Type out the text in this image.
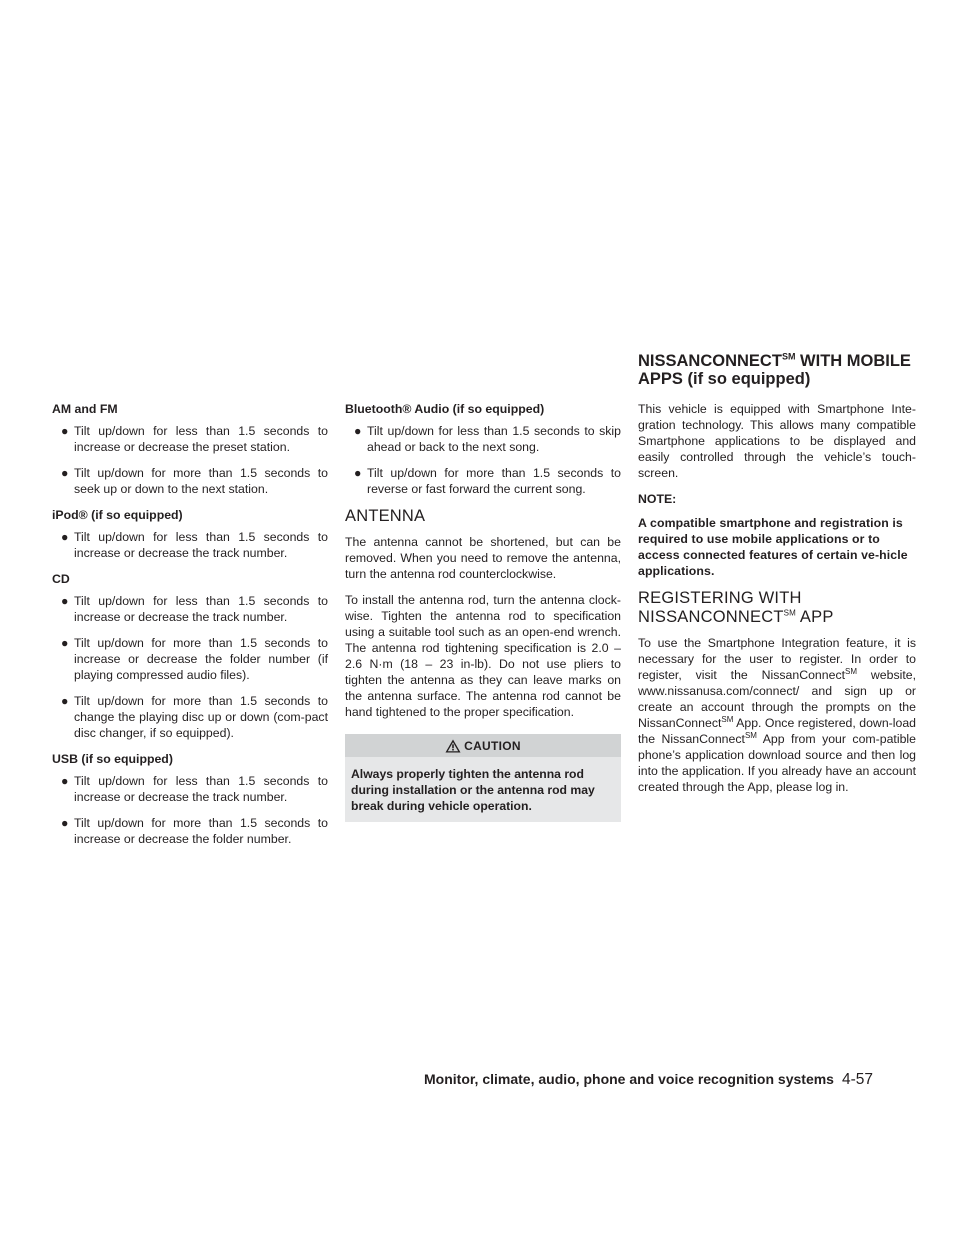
NISSANCONNECT℠ WITH MOBILE
APPS (if so equipped)
AM and FM
● Tilt up/down for less than 1.5 seconds to increase or decrease the preset station.
● Tilt up/down for more than 1.5 seconds to seek up or down to the next station.
iPod® (if so equipped)
● Tilt up/down for less than 1.5 seconds to increase or decrease the track number.
CD
● Tilt up/down for less than 1.5 seconds to increase or decrease the track number.
● Tilt up/down for more than 1.5 seconds to increase or decrease the folder number (if playing compressed audio files).
● Tilt up/down for more than 1.5 seconds to change the playing disc up or down (com-pact disc changer, if so equipped).
USB (if so equipped)
● Tilt up/down for less than 1.5 seconds to increase or decrease the track number.
● Tilt up/down for more than 1.5 seconds to increase or decrease the folder number.
Bluetooth® Audio (if so equipped)
● Tilt up/down for less than 1.5 seconds to skip ahead or back to the next song.
● Tilt up/down for more than 1.5 seconds to reverse or fast forward the current song.
ANTENNA

The antenna cannot be shortened, but can be removed. When you need to remove the antenna, turn the antenna rod counterclockwise.

To install the antenna rod, turn the antenna clock-wise. Tighten the antenna rod to specification using a suitable tool such as an open-end wrench. The antenna rod tightening specification is 2.0 – 2.6 N·m (18 – 23 in-lb). Do not use pliers to tighten the antenna as they can leave marks on the antenna surface. The antenna rod cannot be hand tightened to the proper specification.

CAUTION
Always properly tighten the antenna rod during installation or the antenna rod may break during vehicle operation.

This vehicle is equipped with Smartphone Inte-gration technology. This allows many compatible Smartphone applications to be displayed and easily controlled through the vehicle’s touch-screen.

NOTE:

A compatible smartphone and registration is required to use mobile applications or to access connected features of certain ve-hicle applications.

REGISTERING WITH
NISSANCONNECT℠ APP

To use the Smartphone Integration feature, it is necessary for the user to register. In order to register, visit the NissanConnect℠ website, www.nissanusa.com/connect/ and sign up or create an account through the prompts on the NissanConnect℠ App. Once registered, down-load the NissanConnect℠ App from your com-patible phone’s application download source and then log into the application. If you already have an account created through the App, please log in.

Monitor, climate, audio, phone and voice recognition systems 4-57
